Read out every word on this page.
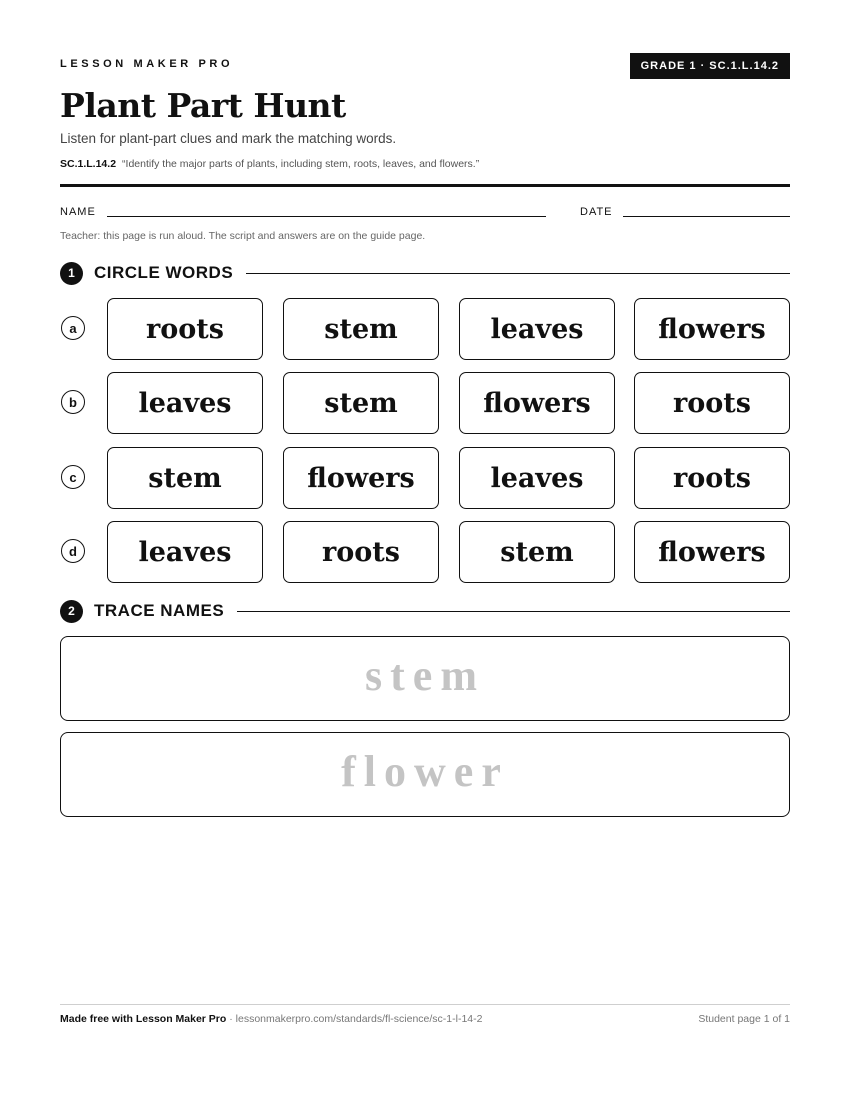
LESSON MAKER PRO	GRADE 1 · SC.1.L.14.2
Plant Part Hunt
Listen for plant-part clues and mark the matching words.
SC.1.L.14.2 “Identify the major parts of plants, including stem, roots, leaves, and flowers.”
NAME	DATE
Teacher: this page is run aloud. The script and answers are on the guide page.
1	CIRCLE WORDS
a	roots	stem	leaves	flowers
b	leaves	stem	flowers	roots
c	stem	flowers	leaves	roots
d	leaves	roots	stem	flowers
2	TRACE NAMES
stem
flower
Made free with Lesson Maker Pro · lessonmakerpro.com/standards/fl-science/sc-1-l-14-2	Student page 1 of 1
